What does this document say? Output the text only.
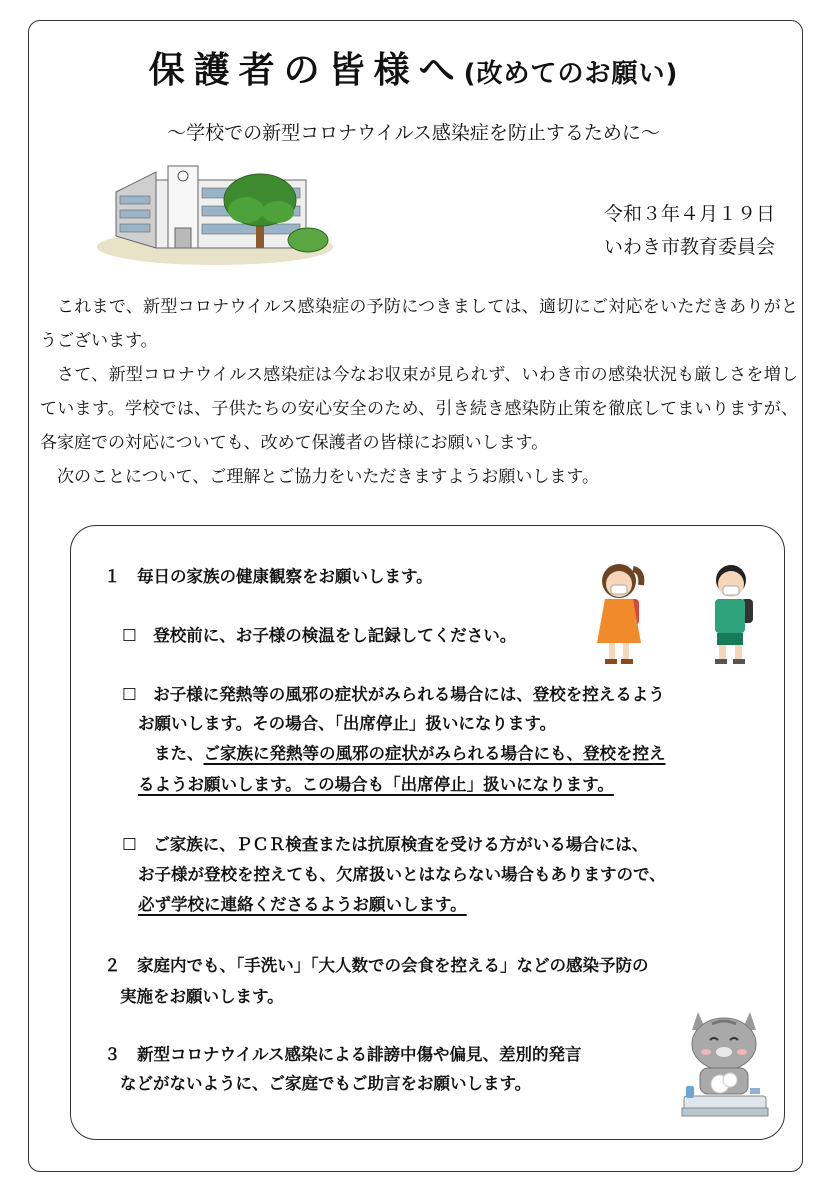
保護者の皆様へ(改めてのお願い)
～学校での新型コロナウイルス感染症を防止するために～
令和３年４月１９日
いわき市教育委員会

これまで、新型コロナウイルス感染症の予防につきましては、適切にご対応をいただきありがとうございます。

さて、新型コロナウイルス感染症は今なお収束が見られず、いわき市の感染状況も厳しさを増しています。学校では、子供たちの安心安全のため、引き続き感染防止策を徹底してまいりますが、各家庭での対応についても、改めて保護者の皆様にお願いします。

次のことについて、ご理解とご協力をいただきますようお願いします。

１　毎日の家族の健康観察をお願いします。
☐　登校前に、お子様の検温をし記録してください。
☐　お子様に発熱等の風邪の症状がみられる場合には、登校を控えるよう
お願いします。その場合、「出席停止」扱いになります。
また、ご家族に発熱等の風邪の症状がみられる場合にも、登校を控え
るようお願いします。この場合も「出席停止」扱いになります。
☐　ご家族に、ＰＣＲ検査または抗原検査を受ける方がいる場合には、
お子様が登校を控えても、欠席扱いとはならない場合もありますので、
必ず学校に連絡くださるようお願いします。
２　家庭内でも、「手洗い」「大人数での会食を控える」などの感染予防の
実施をお願いします。
３　新型コロナウイルス感染による誹謗中傷や偏見、差別的発言
などがないように、ご家庭でもご助言をお願いします。
